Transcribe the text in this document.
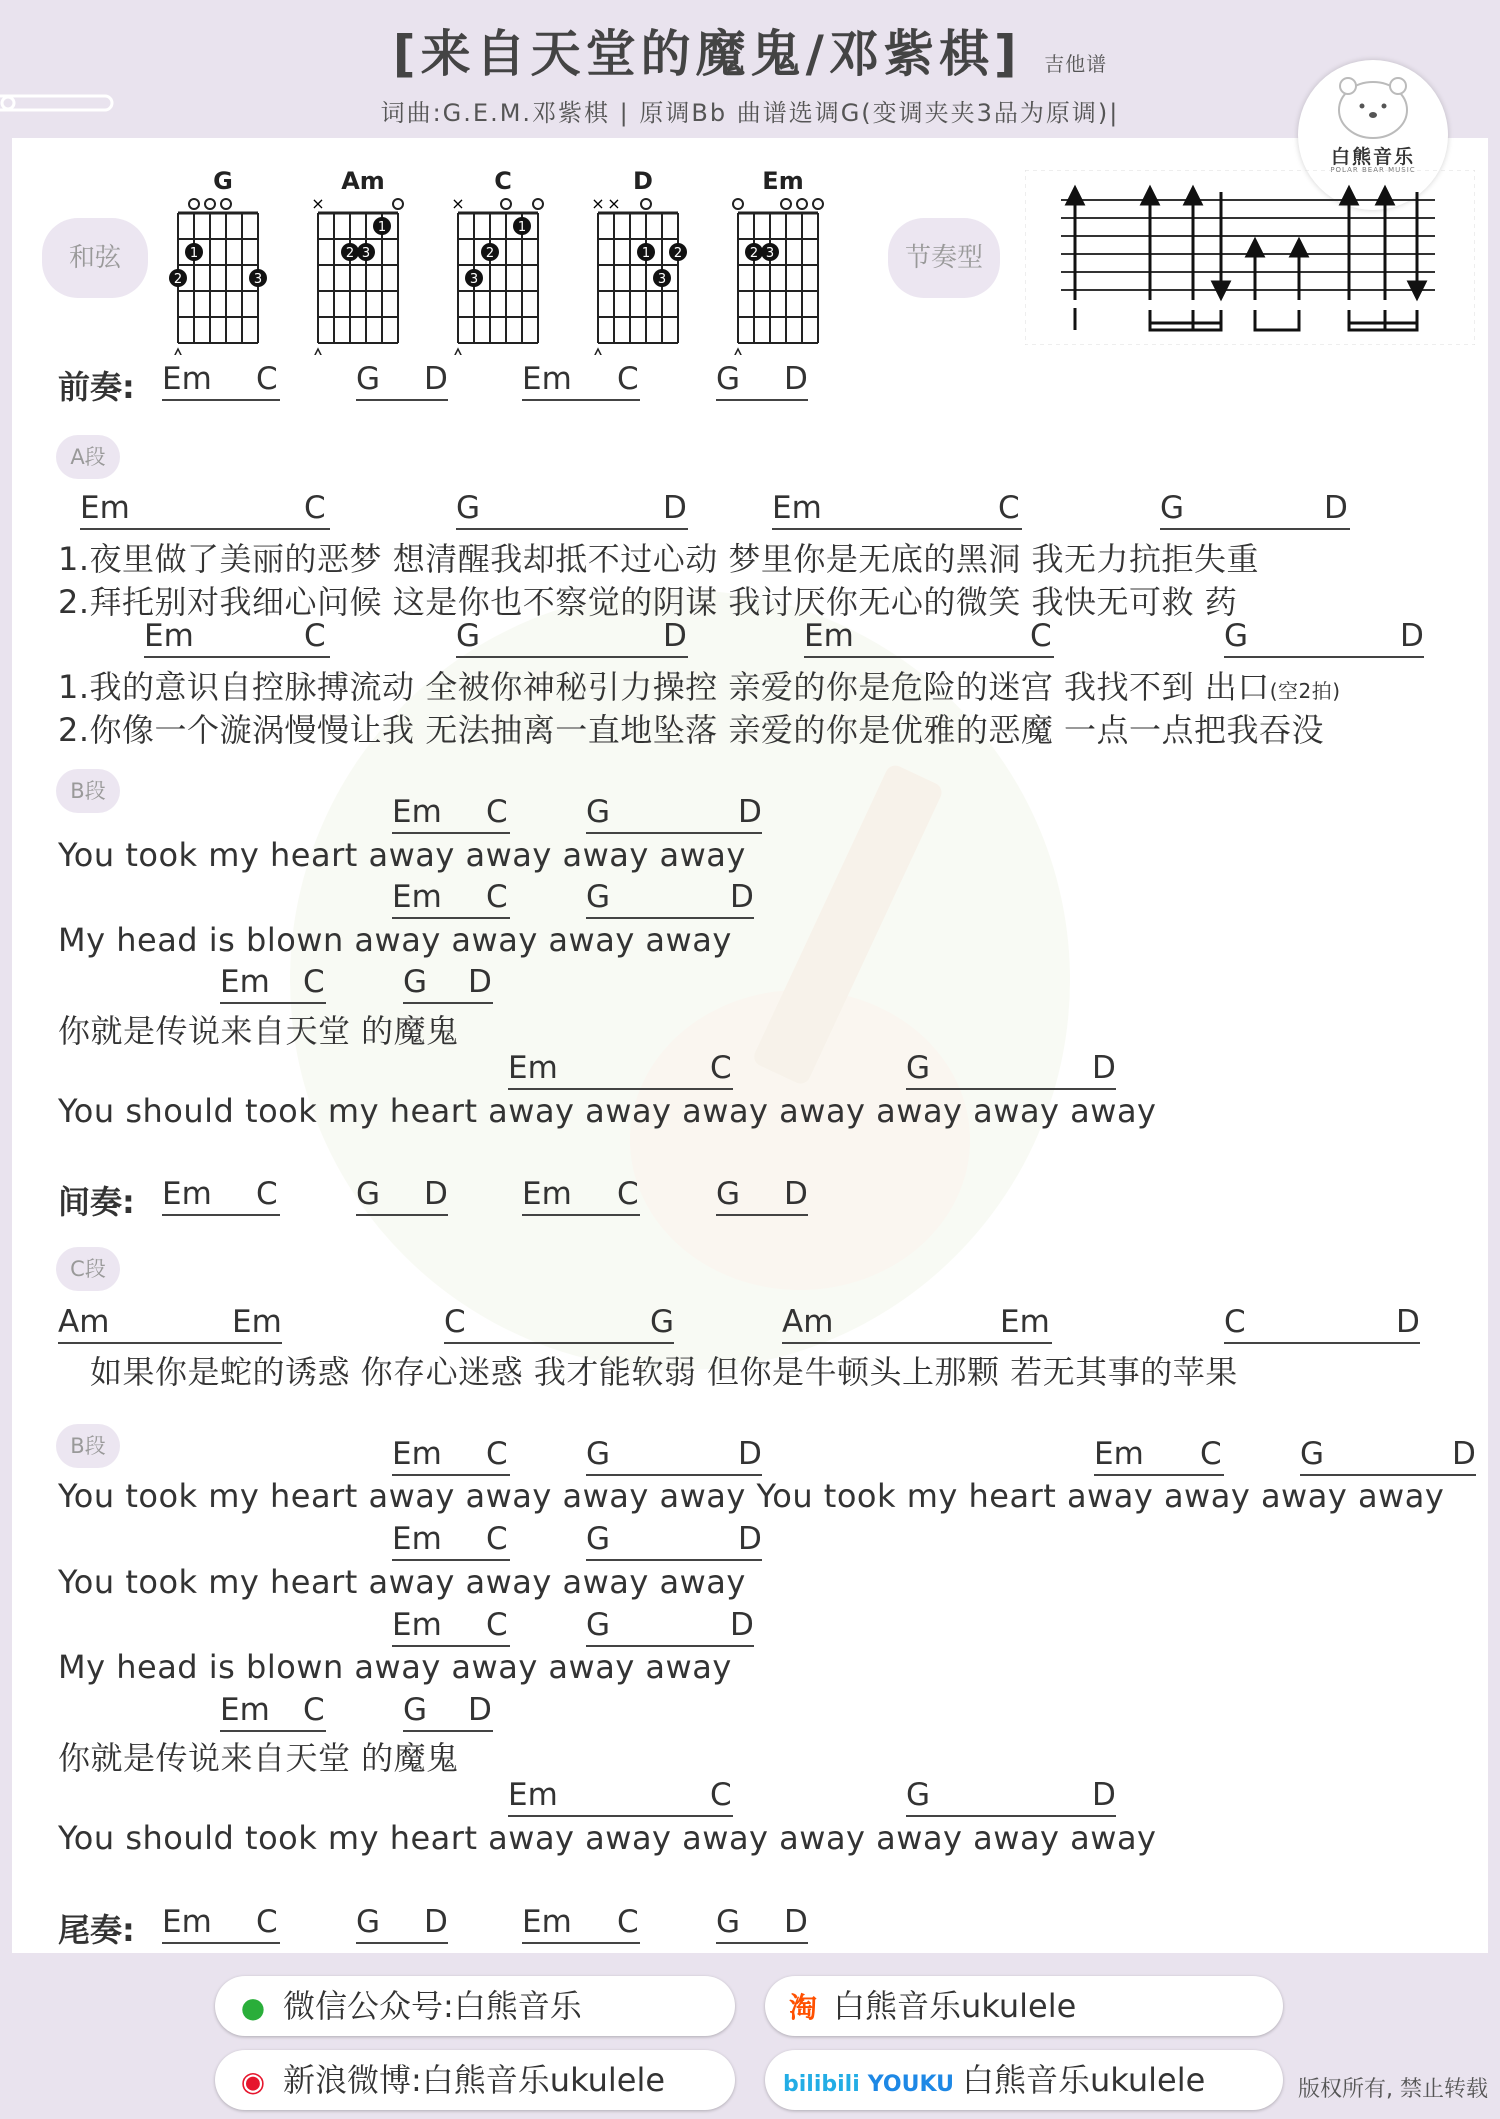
[来自天堂的魔鬼/邓紫棋] 吉他谱
词曲:G.E.M.邓紫棋 | 原调Bb 曲谱选调G(变调夹夹3品为原调)|
白熊音乐
POLAR BEAR MUSIC
和弦
G
2
1
3
Am
×
1
2 3
C
×
1
2
3
D
× ×
1 2
3
Em
2 3	节奏型
前奏: Em	C	G	D Em	C G	D
A段
Em	C	G	D	Em	C	G	D
1.夜里做了美丽的恶梦 想清醒我却抵不过心动 梦里你是无底的黑洞 我无力抗拒失重
2.拜托别对我细心问候 这是你也不察觉的阴谋 我讨厌你无心的微笑 我快无可救 药
Em	C	G	D	Em	C	G	D
1.我的意识自控脉搏流动 全被你神秘引力操控 亲爱的你是危险的迷宫 我找不到 出口(空2拍)
2.你像一个漩涡慢慢让我 无法抽离一直地坠落 亲爱的你是优雅的恶魔 一点一点把我吞没
B段
Em	C	G	D
You took my heart away away away away
Em	C	G	D
My head is blown away away away away
Em	C	G	D
你就是传说来自天堂 的魔鬼
Em	C	G	D
You should took my heart away away away away away away away
间奏: Em	C	G	D Em	C G	D
C段
Am	Em	C	G	Am	Em	C	D
如果你是蛇的诱惑 你存心迷惑 我才能软弱 但你是牛顿头上那颗 若无其事的苹果
B段	Em	C	G	D	Em	C	G	D
You took my heart away away away away You took my heart away away away away
Em	C	G	D
You took my heart away away away away
Em	C	G	D
My head is blown away away away away
Em	C	G	D
你就是传说来自天堂 的魔鬼
Em	C	G	D
You should took my heart away away away away away away away
尾奏: Em	C	G	D Em	C G	D
● 微信公众号:白熊音乐	淘 白熊音乐ukulele
◉ 新浪微博:白熊音乐ukulele	bilibili YOUKU 白熊音乐ukulele	版权所有, 禁止转载
